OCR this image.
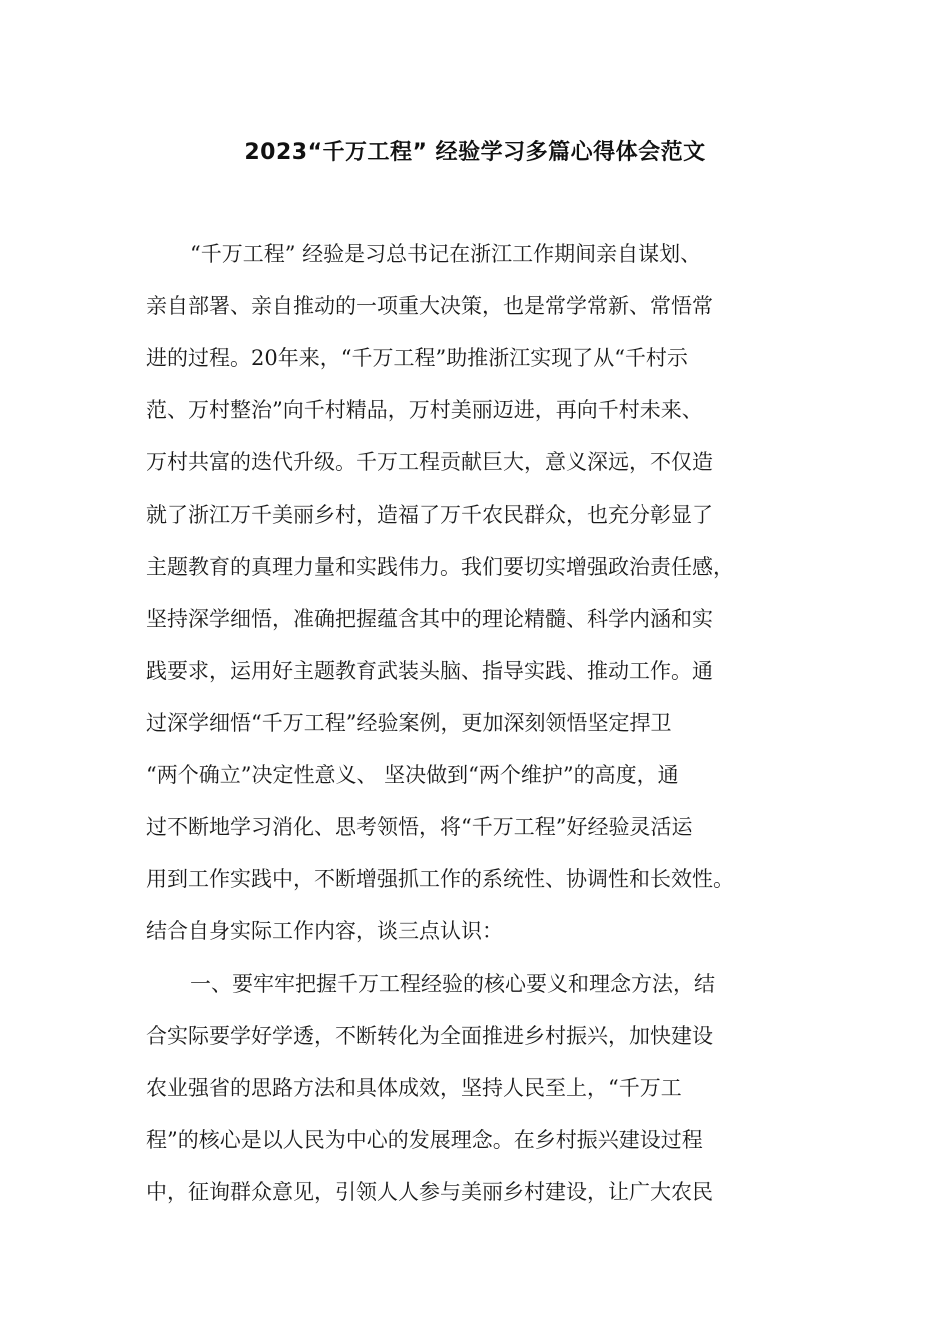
2023“千万工程” 经验学习多篇心得体会范文
“千万工程” 经验是习总书记在浙江工作期间亲自谋划、
亲自部署、亲自推动的一项重大决策，也是常学常新、常悟常
进的过程。20年来，“千万工程”助推浙江实现了从“千村示
范、万村整治”向千村精品，万村美丽迈进，再向千村未来、
万村共富的迭代升级。千万工程贡献巨大，意义深远，不仅造
就了浙江万千美丽乡村，造福了万千农民群众，也充分彰显了
主题教育的真理力量和实践伟力。我们要切实增强政治责任感，
坚持深学细悟，准确把握蕴含其中的理论精髓、科学内涵和实
践要求，运用好主题教育武装头脑、指导实践、推动工作。通
过深学细悟“千万工程”经验案例，更加深刻领悟坚定捍卫
“两个确立”决定性意义、 坚决做到“两个维护”的高度，通
过不断地学习消化、思考领悟，将“千万工程”好经验灵活运
用到工作实践中，不断增强抓工作的系统性、协调性和长效性。
结合自身实际工作内容，谈三点认识：
一、要牢牢把握千万工程经验的核心要义和理念方法，结
合实际要学好学透，不断转化为全面推进乡村振兴，加快建设
农业强省的思路方法和具体成效，坚持人民至上，“千万工
程”的核心是以人民为中心的发展理念。在乡村振兴建设过程
中，征询群众意见，引领人人参与美丽乡村建设，让广大农民
